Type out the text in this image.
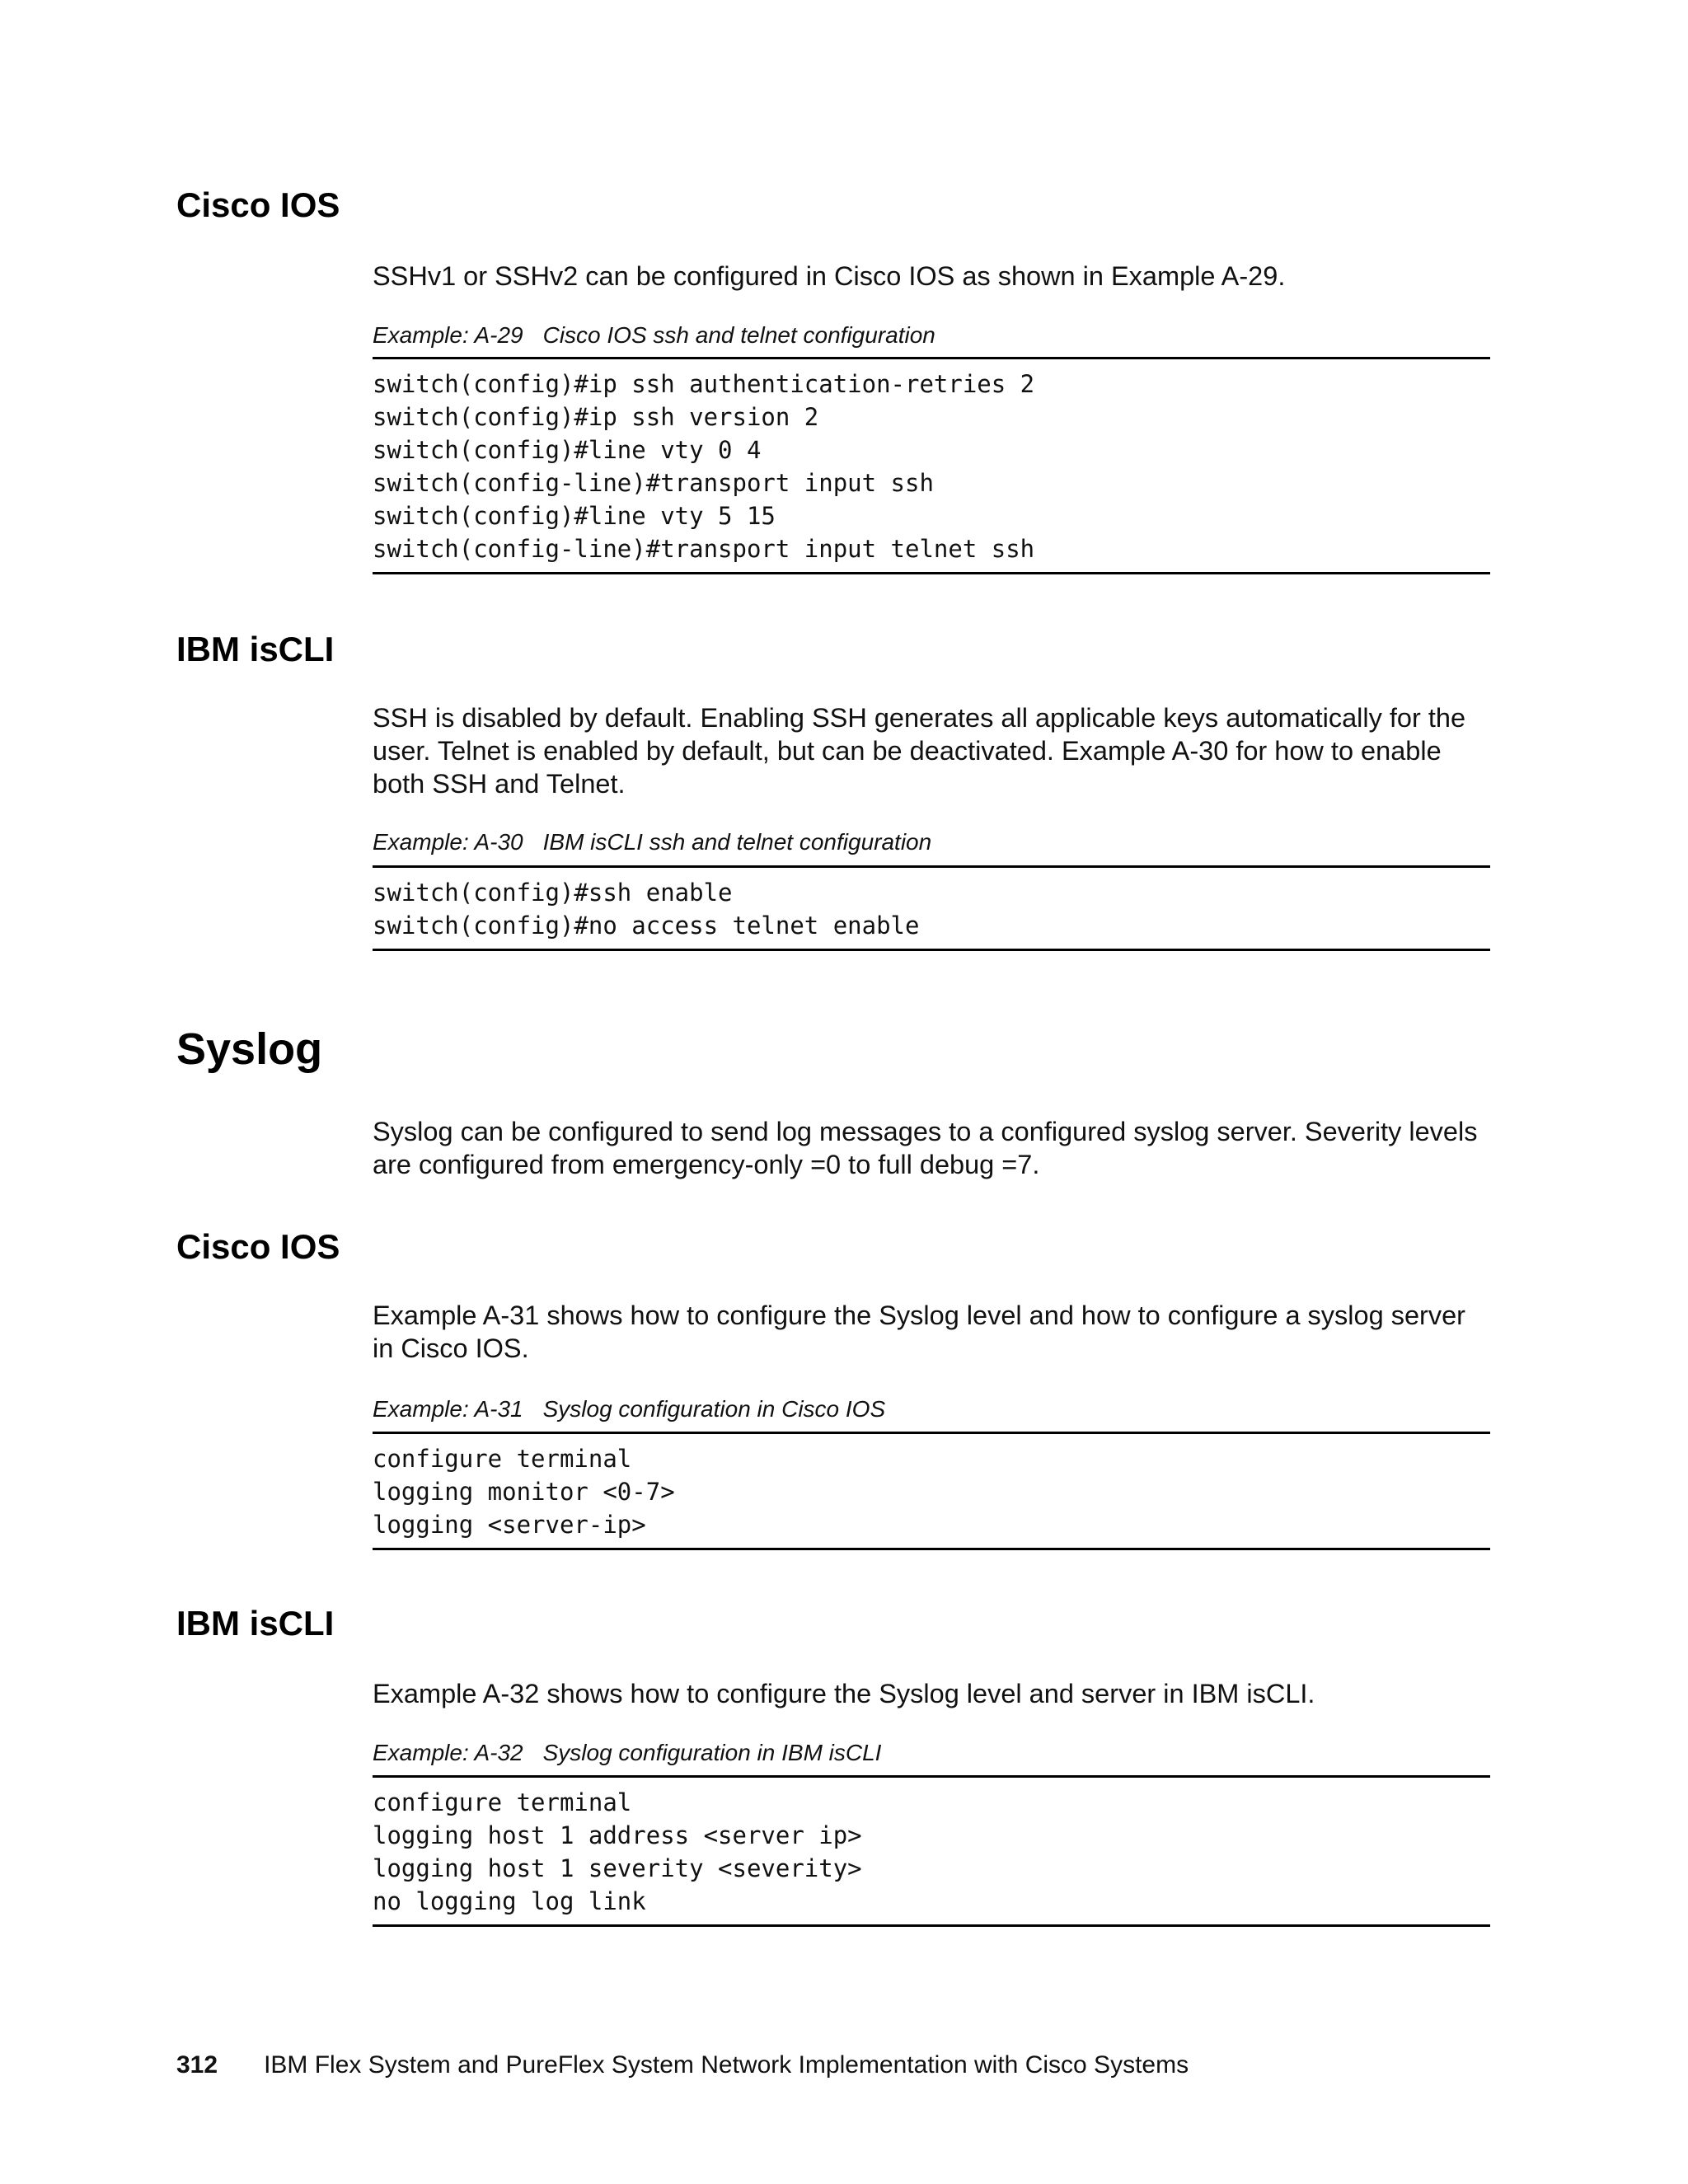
Cisco IOS

SSHv1 or SSHv2 can be configured in Cisco IOS as shown in Example A-29.

Example: A-29 Cisco IOS ssh and telnet configuration

switch(config)#ip ssh authentication-retries 2
switch(config)#ip ssh version 2
switch(config)#line vty 0 4
switch(config-line)#transport input ssh
switch(config)#line vty 5 15
switch(config-line)#transport input telnet ssh
IBM isCLI

SSH is disabled by default. Enabling SSH generates all applicable keys automatically for the user. Telnet is enabled by default, but can be deactivated. Example A-30 for how to enable both SSH and Telnet.

Example: A-30 IBM isCLI ssh and telnet configuration

switch(config)#ssh enable
switch(config)#no access telnet enable
Syslog

Syslog can be configured to send log messages to a configured syslog server. Severity levels are configured from emergency-only =0 to full debug =7.

Cisco IOS

Example A-31 shows how to configure the Syslog level and how to configure a syslog server in Cisco IOS.

Example: A-31 Syslog configuration in Cisco IOS

configure terminal
logging monitor <0-7>
logging <server-ip>
IBM isCLI

Example A-32 shows how to configure the Syslog level and server in IBM isCLI.

Example: A-32 Syslog configuration in IBM isCLI

configure terminal
logging host 1 address <server ip>
logging host 1 severity <severity>
no logging log link
312 IBM Flex System and PureFlex System Network Implementation with Cisco Systems
